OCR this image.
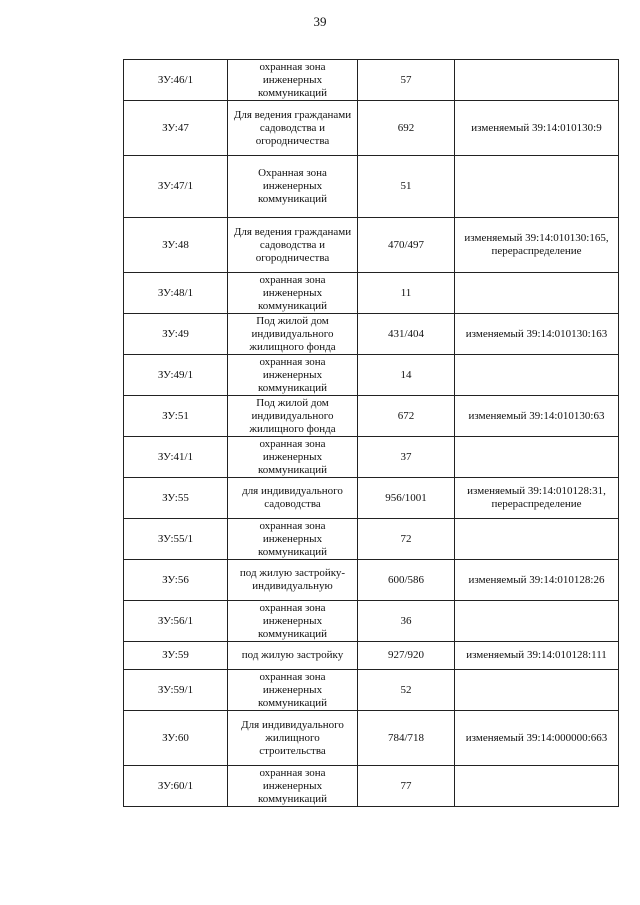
39
ЗУ:46/1	охранная зона инженерных коммуникаций	57	
ЗУ:47	Для ведения гражданами садоводства и огородничества	692	изменяемый 39:14:010130:9
ЗУ:47/1	Охранная зона инженерных коммуникаций	51	
ЗУ:48	Для ведения гражданами садоводства и огородничества	470/497	изменяемый 39:14:010130:165, перераспределение
ЗУ:48/1	охранная зона инженерных коммуникаций	11	
ЗУ:49	Под жилой дом индивидуального жилищного фонда	431/404	изменяемый 39:14:010130:163
ЗУ:49/1	охранная зона инженерных коммуникаций	14	
ЗУ:51	Под жилой дом индивидуального жилищного фонда	672	изменяемый 39:14:010130:63
ЗУ:41/1	охранная зона инженерных коммуникаций	37	
ЗУ:55	для индивидуального садоводства	956/1001	изменяемый 39:14:010128:31, перераспределение
ЗУ:55/1	охранная зона инженерных коммуникаций	72	
ЗУ:56	под жилую застройку-индивидуальную	600/586	изменяемый 39:14:010128:26
ЗУ:56/1	охранная зона инженерных коммуникаций	36	
ЗУ:59	под жилую застройку	927/920	изменяемый 39:14:010128:111
ЗУ:59/1	охранная зона инженерных коммуникаций	52	
ЗУ:60	Для индивидуального жилищного строительства	784/718	изменяемый 39:14:000000:663
ЗУ:60/1	охранная зона инженерных коммуникаций	77	
